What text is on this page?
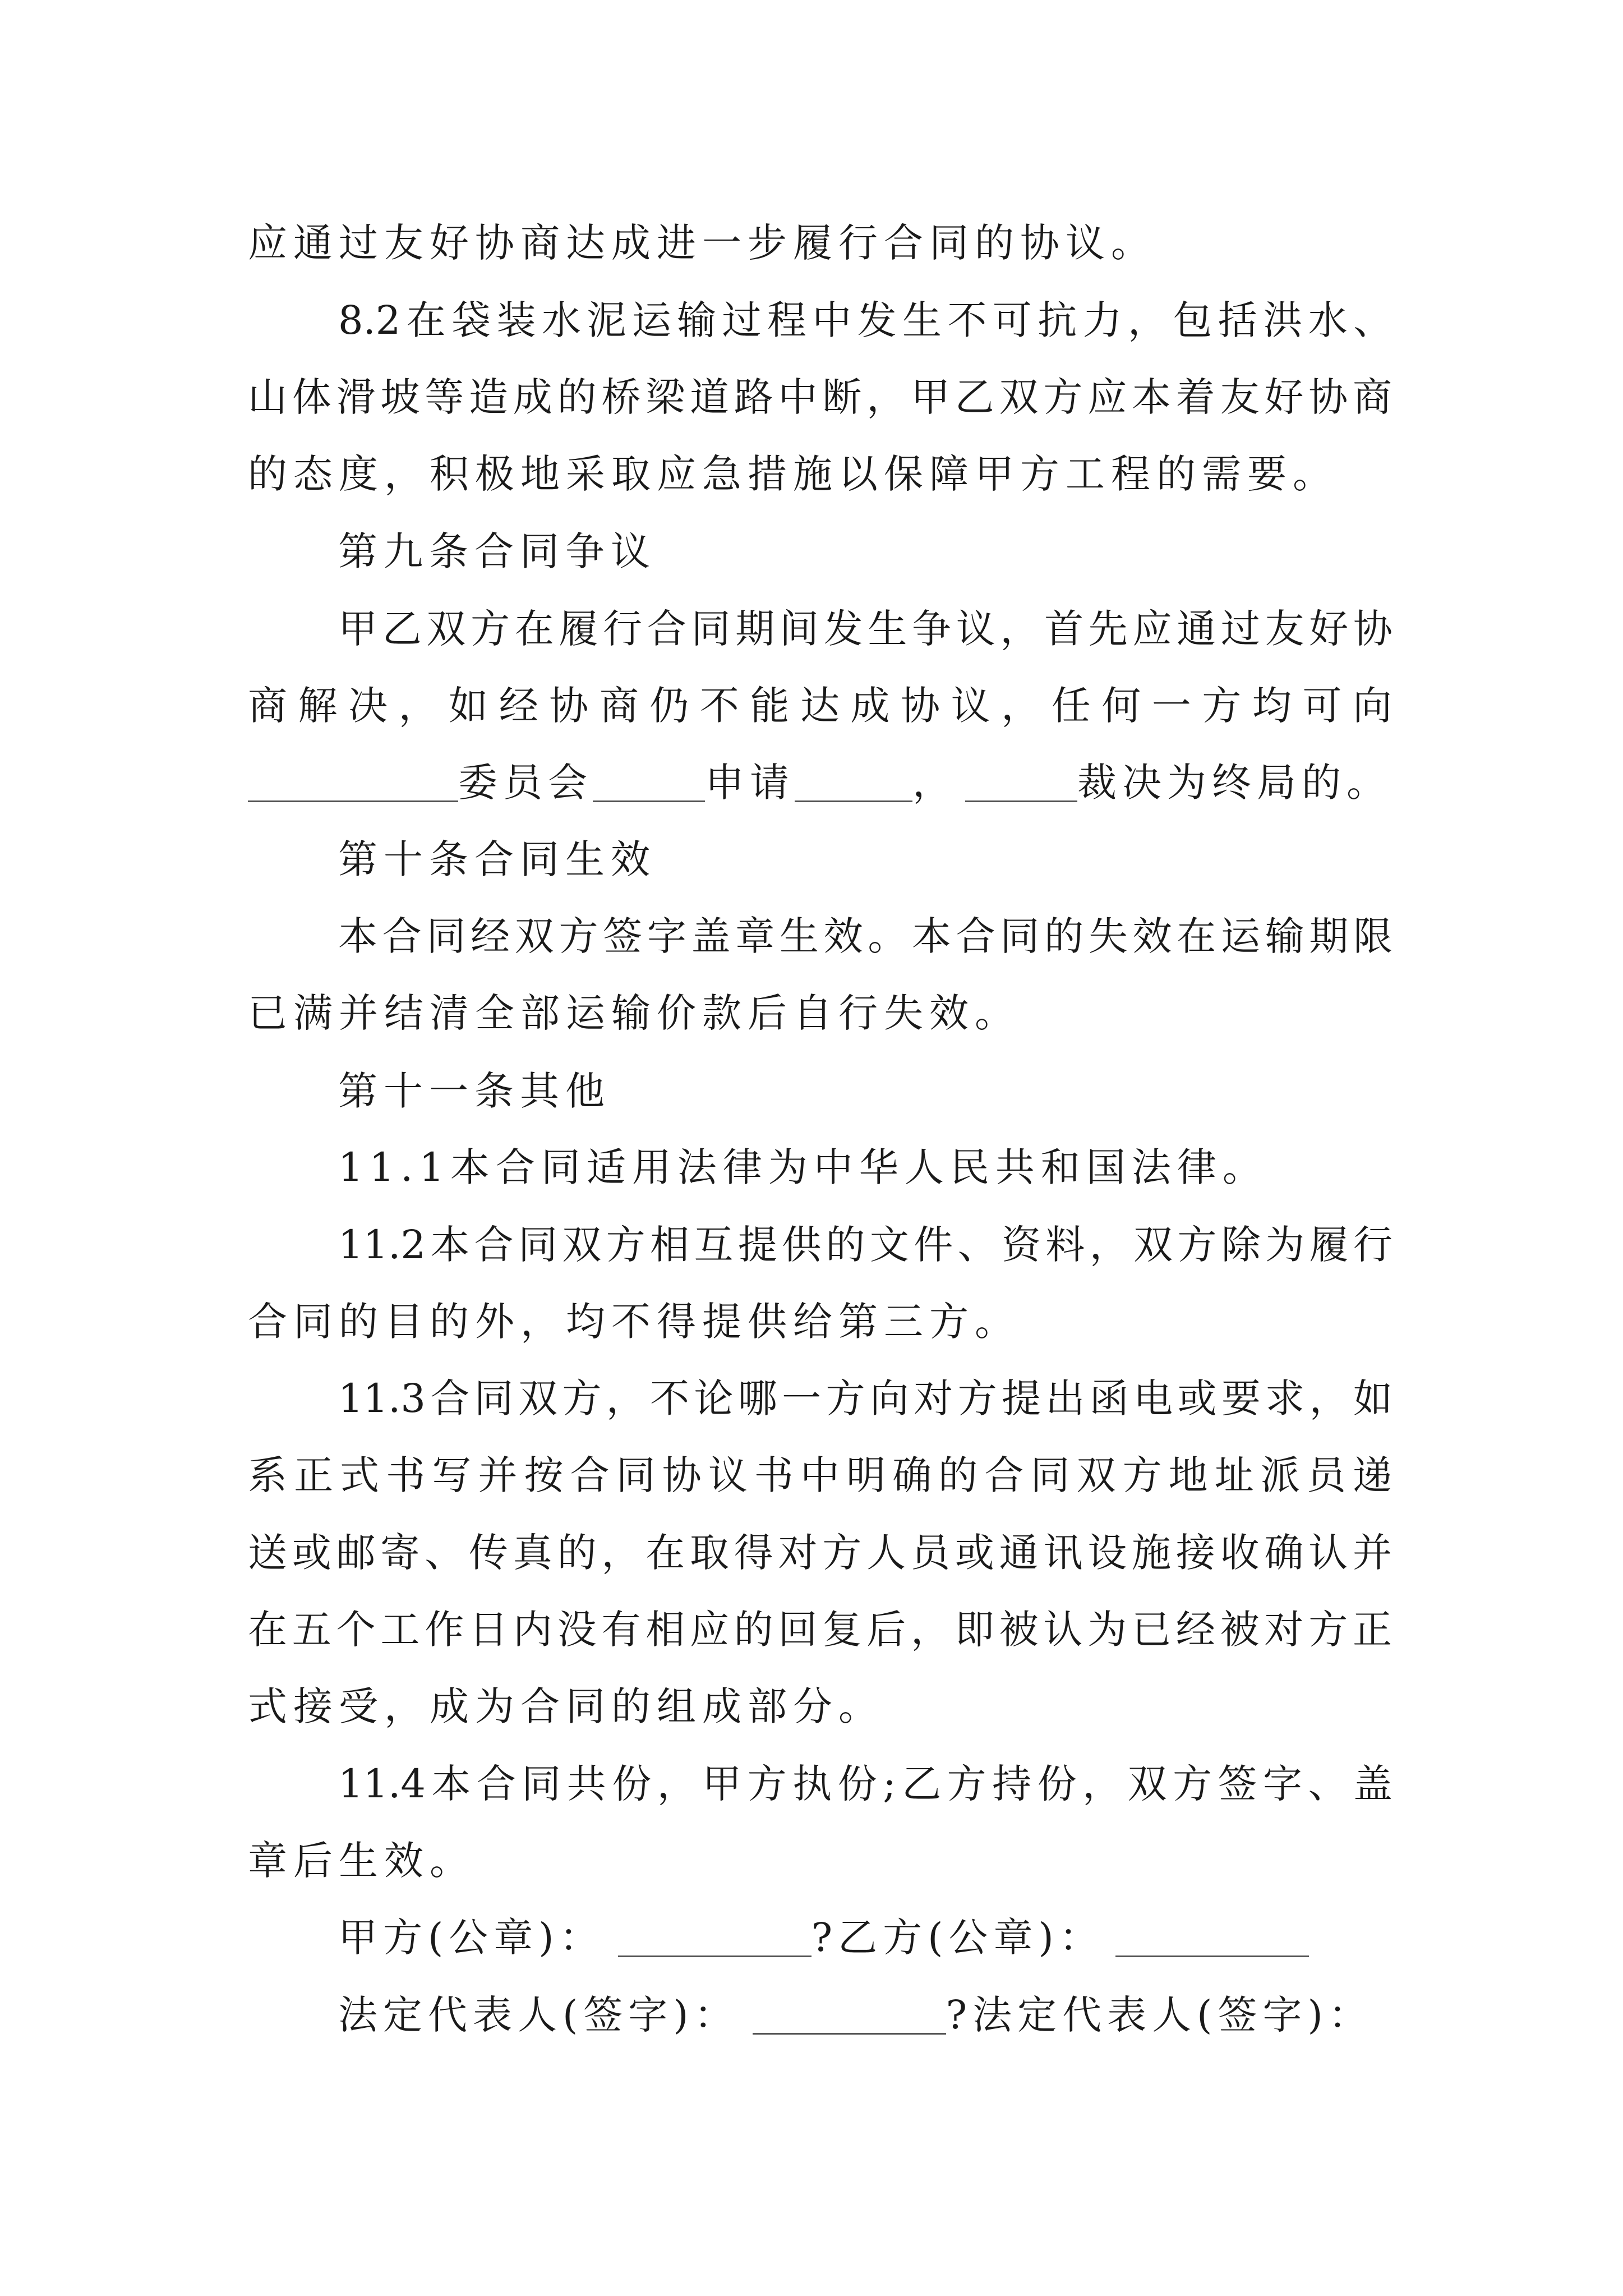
应通过友好协商达成进一步履行合同的协议。
8.2在袋装水泥运输过程中发生不可抗力，包括洪水、
山体滑坡等造成的桥梁道路中断，甲乙双方应本着友好协商
的态度，积极地采取应急措施以保障甲方工程的需要。
第九条合同争议
甲乙双方在履行合同期间发生争议，首先应通过友好协
商解决，如经协商仍不能达成协议，任何一方均可向
委员会	申请	，	裁决为终局的。
第十条合同生效
本合同经双方签字盖章生效。本合同的失效在运输期限
已满并结清全部运输价款后自行失效。
第十一条其他
11.1本合同适用法律为中华人民共和国法律。
11.2本合同双方相互提供的文件、资料，双方除为履行
合同的目的外，均不得提供给第三方。
11.3合同双方，不论哪一方向对方提出函电或要求，如
系正式书写并按合同协议书中明确的合同双方地址派员递
送或邮寄、传真的，在取得对方人员或通讯设施接收确认并
在五个工作日内没有相应的回复后，即被认为已经被对方正
式接受，成为合同的组成部分。
11.4本合同共份，甲方执份;乙方持份，双方签字、盖
章后生效。
甲方(公章)：	?乙方(公章)：
法定代表人(签字)：	?法定代表人(签字)：
